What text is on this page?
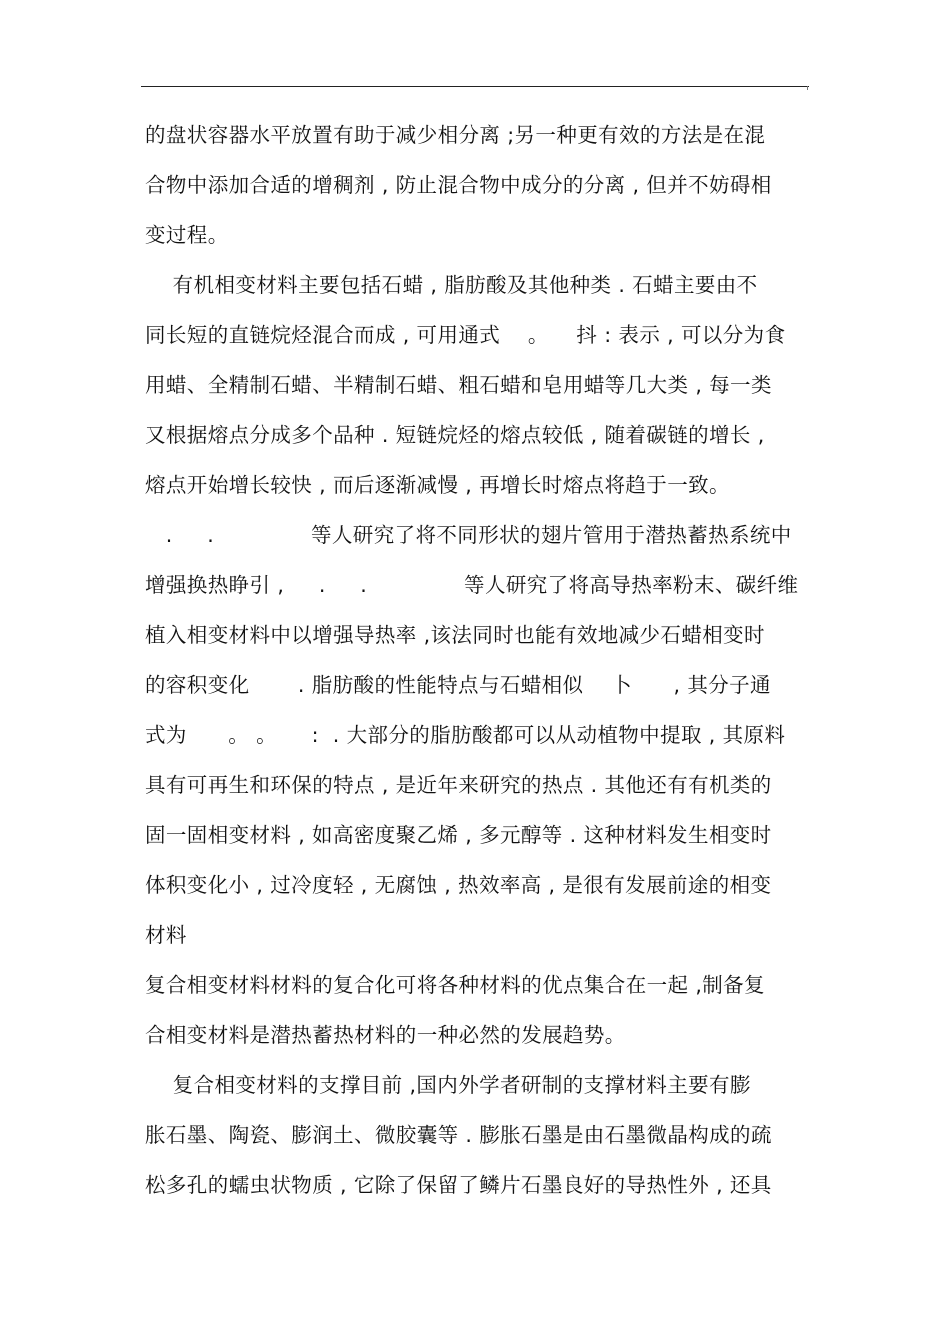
的盘状容器水平放置有助于减少相分离 ;另一种更有效的方法是在混
合物中添加合适的增稠剂 , 防止混合物中成分的分离 , 但并不妨碍相
变过程。
有机相变材料主要包括石蜡 , 脂肪酸及其他种类 . 石蜡主要由不
同长短的直链烷烃混合而成 , 可用通式    。    抖 : 表示 , 可以分为食
用蜡、全精制石蜡、半精制石蜡、粗石蜡和皂用蜡等几大类 , 每一类
又根据熔点分成多个品种 . 短链烷烃的熔点较低 , 随着碳链的增长 ,
熔点开始增长较快 , 而后逐渐减慢 , 再增长时熔点将趋于一致。
.     .              等人研究了将不同形状的翅片管用于潜热蓄热系统中
增强换热睁引 ,     .     .              等人研究了将高导热率粉末、碳纤维
植入相变材料中以增强导热率 ,该法同时也能有效地减少石蜡相变时
的容积变化       . 脂肪酸的性能特点与石蜡相似    卜      , 其分子通
式为      。 。     :  . 大部分的脂肪酸都可以从动植物中提取 , 其原料
具有可再生和环保的特点 , 是近年来研究的热点 . 其他还有有机类的
固一固相变材料 , 如高密度聚乙烯 , 多元醇等 . 这种材料发生相变时
体积变化小 , 过冷度轻 , 无腐蚀 , 热效率高 , 是很有发展前途的相变
材料
复合相变材料材料的复合化可将各种材料的优点集合在一起 ,制备复
合相变材料是潜热蓄热材料的一种必然的发展趋势。
复合相变材料的支撑目前 ,国内外学者研制的支撑材料主要有膨
胀石墨、陶瓷、膨润土、微胶囊等 . 膨胀石墨是由石墨微晶构成的疏
松多孔的蠕虫状物质 , 它除了保留了鳞片石墨良好的导热性外 , 还具
